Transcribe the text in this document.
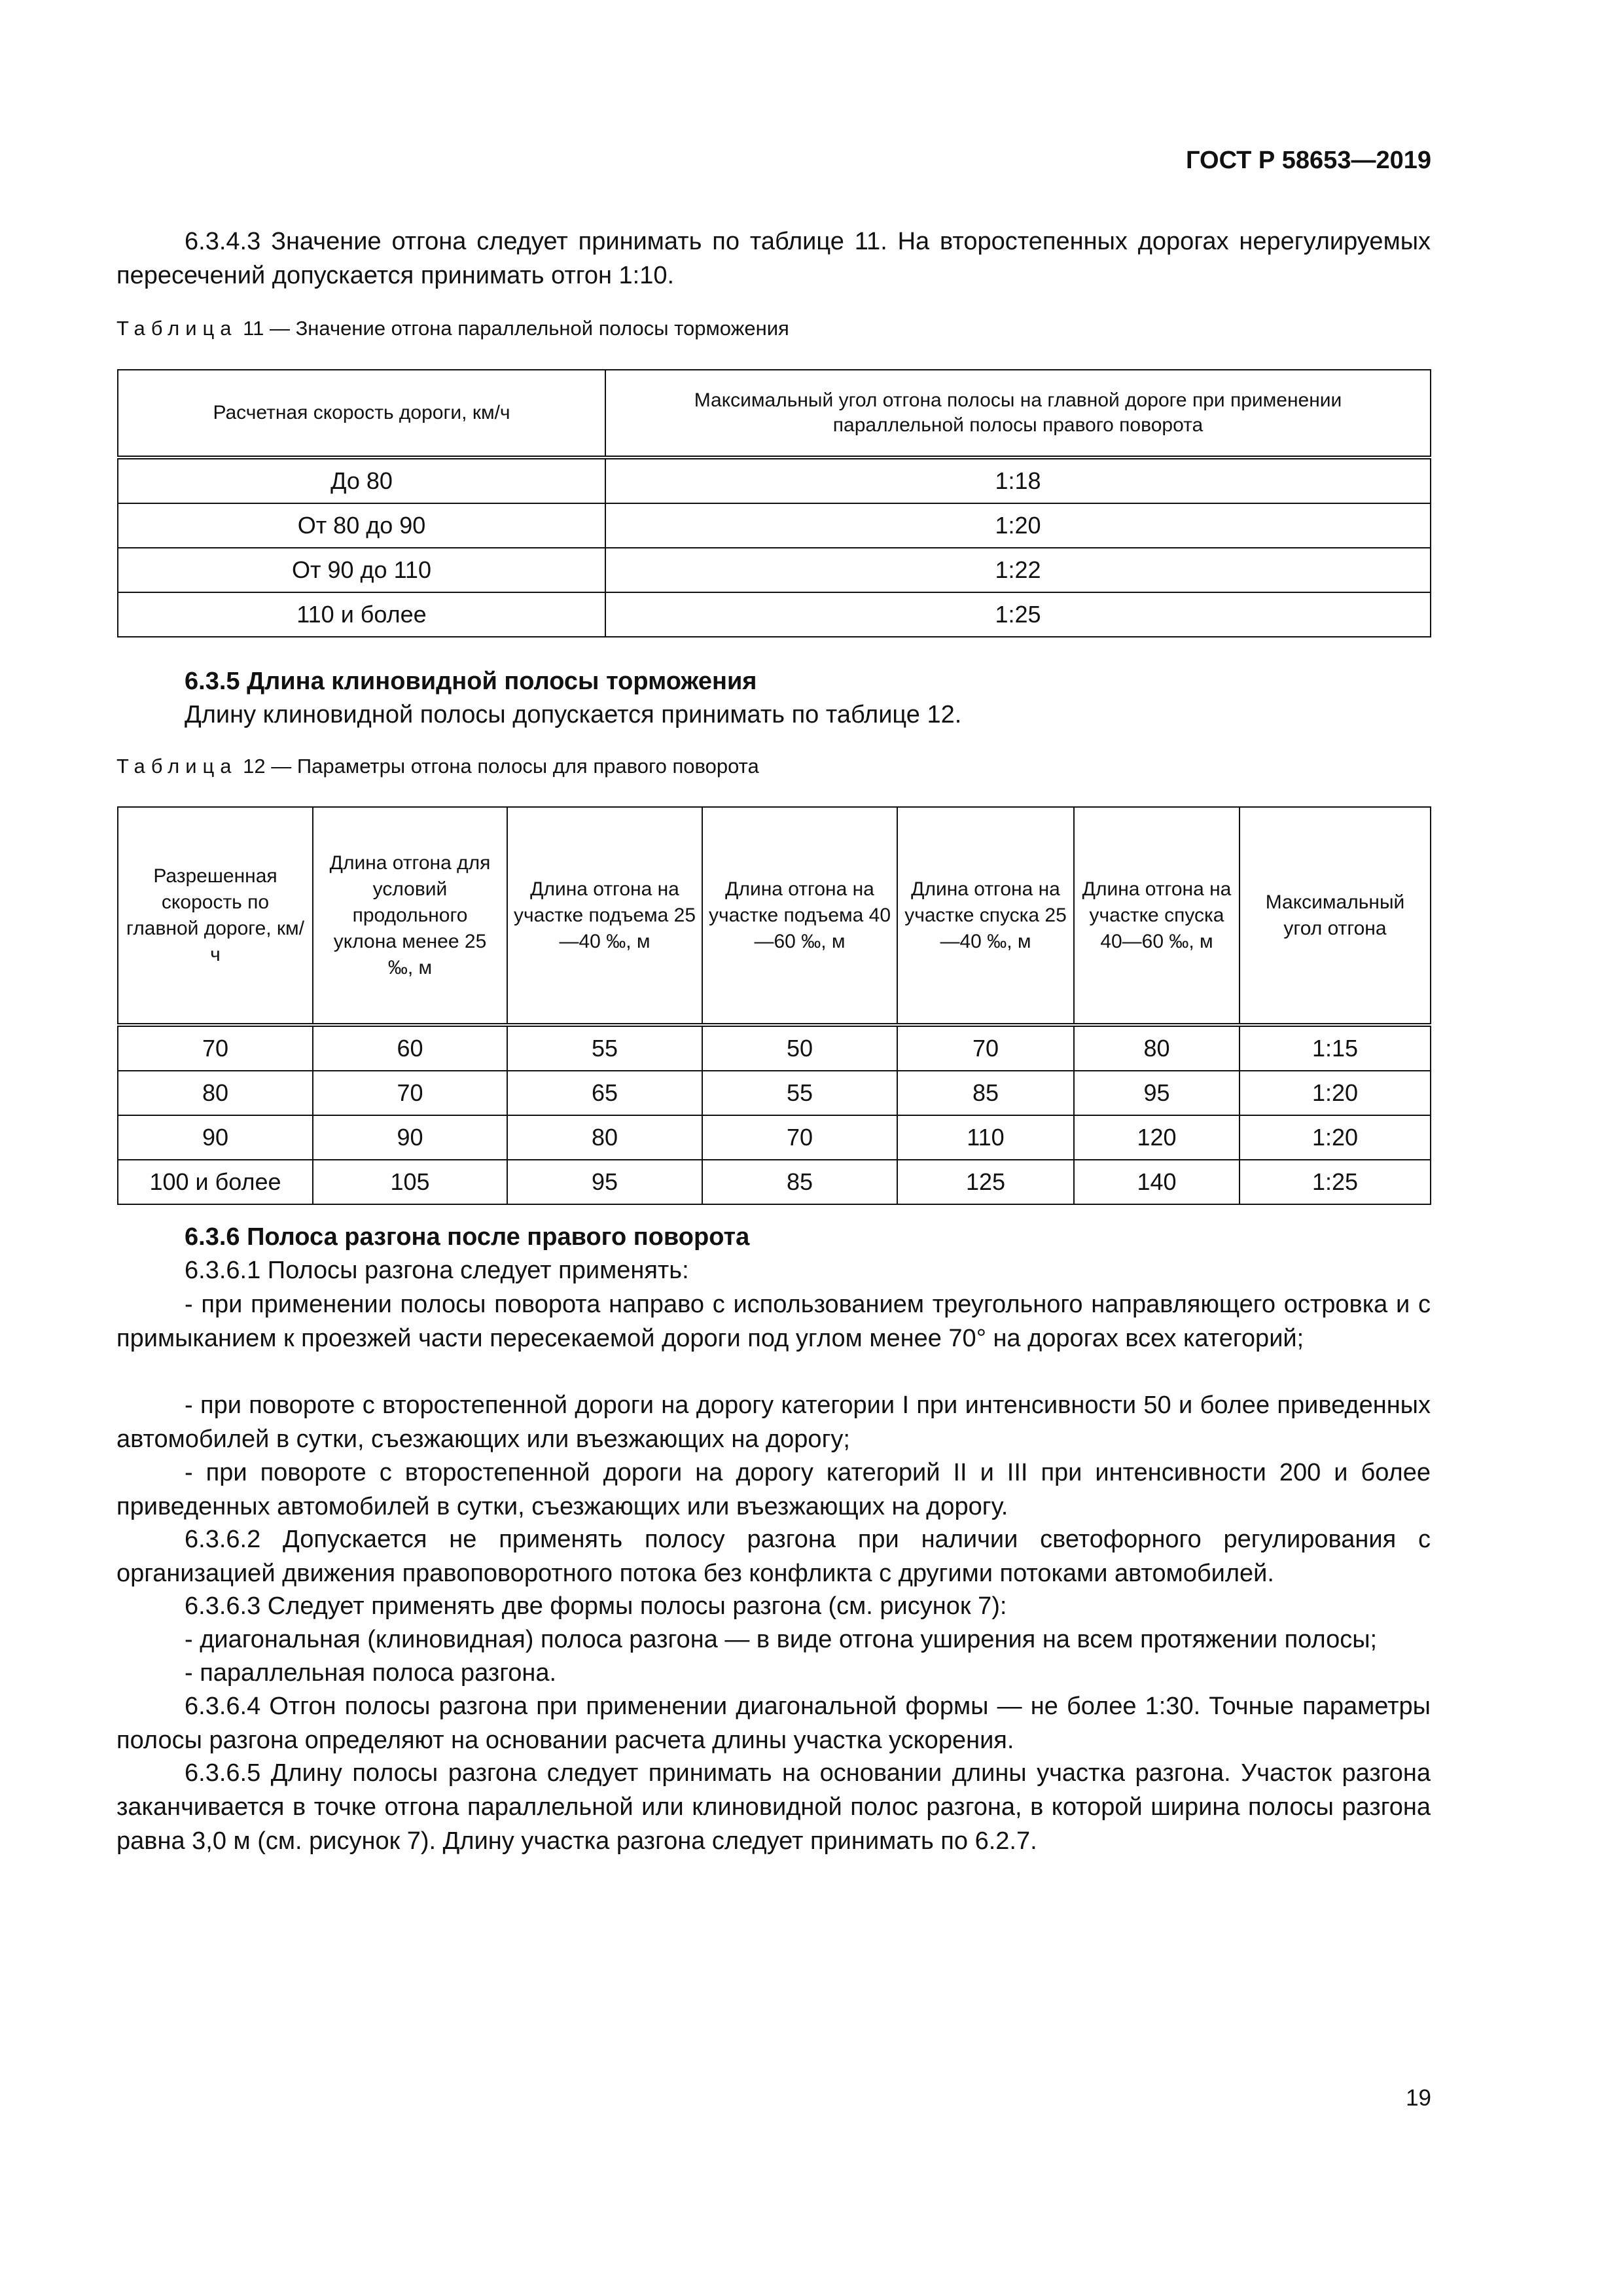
ГОСТ Р 58653—2019
6.3.4.3 Значение отгона следует принимать по таблице 11. На второстепенных дорогах нерегулируемых пересечений допускается принимать отгон 1:10.
Таблица 11 — Значение отгона параллельной полосы торможения
Расчетная скорость дороги, км/ч	Максимальный угол отгона полосы на главной дороге при применении параллельной полосы правого поворота
До 80	1:18
От 80 до 90	1:20
От 90 до 110	1:22
110 и более	1:25
6.3.5 Длина клиновидной полосы торможения
Длину клиновидной полосы допускается принимать по таблице 12.
Таблица 12 — Параметры отгона полосы для правого поворота
Разрешенная скорость по главной дороге, км/ч	Длина отгона для условий продольного уклона менее 25 ‰, м	Длина отгона на участке подъема 25—40 ‰, м	Длина отгона на участке подъема 40—60 ‰, м	Длина отгона на участке спуска 25—40 ‰, м	Длина отгона на участке спуска 40—60 ‰, м	Максимальный угол отгона
70	60	55	50	70	80	1:15
80	70	65	55	85	95	1:20
90	90	80	70	110	120	1:20
100 и более	105	95	85	125	140	1:25
6.3.6 Полоса разгона после правого поворота
6.3.6.1 Полосы разгона следует применять:
- при применении полосы поворота направо с использованием треугольного направляющего островка и с примыканием к проезжей части пересекаемой дороги под углом менее 70° на дорогах всех категорий;
- при повороте с второстепенной дороги на дорогу категории I при интенсивности 50 и более приведенных автомобилей в сутки, съезжающих или въезжающих на дорогу;
- при повороте с второстепенной дороги на дорогу категорий II и III при интенсивности 200 и более приведенных автомобилей в сутки, съезжающих или въезжающих на дорогу.
6.3.6.2 Допускается не применять полосу разгона при наличии светофорного регулирования с организацией движения правоповоротного потока без конфликта с другими потоками автомобилей.
6.3.6.3 Следует применять две формы полосы разгона (см. рисунок 7):
- диагональная (клиновидная) полоса разгона — в виде отгона уширения на всем протяжении полосы;
- параллельная полоса разгона.
6.3.6.4 Отгон полосы разгона при применении диагональной формы — не более 1:30. Точные параметры полосы разгона определяют на основании расчета длины участка ускорения.
6.3.6.5 Длину полосы разгона следует принимать на основании длины участка разгона. Участок разгона заканчивается в точке отгона параллельной или клиновидной полос разгона, в которой ширина полосы разгона равна 3,0 м (см. рисунок 7). Длину участка разгона следует принимать по 6.2.7.
19
